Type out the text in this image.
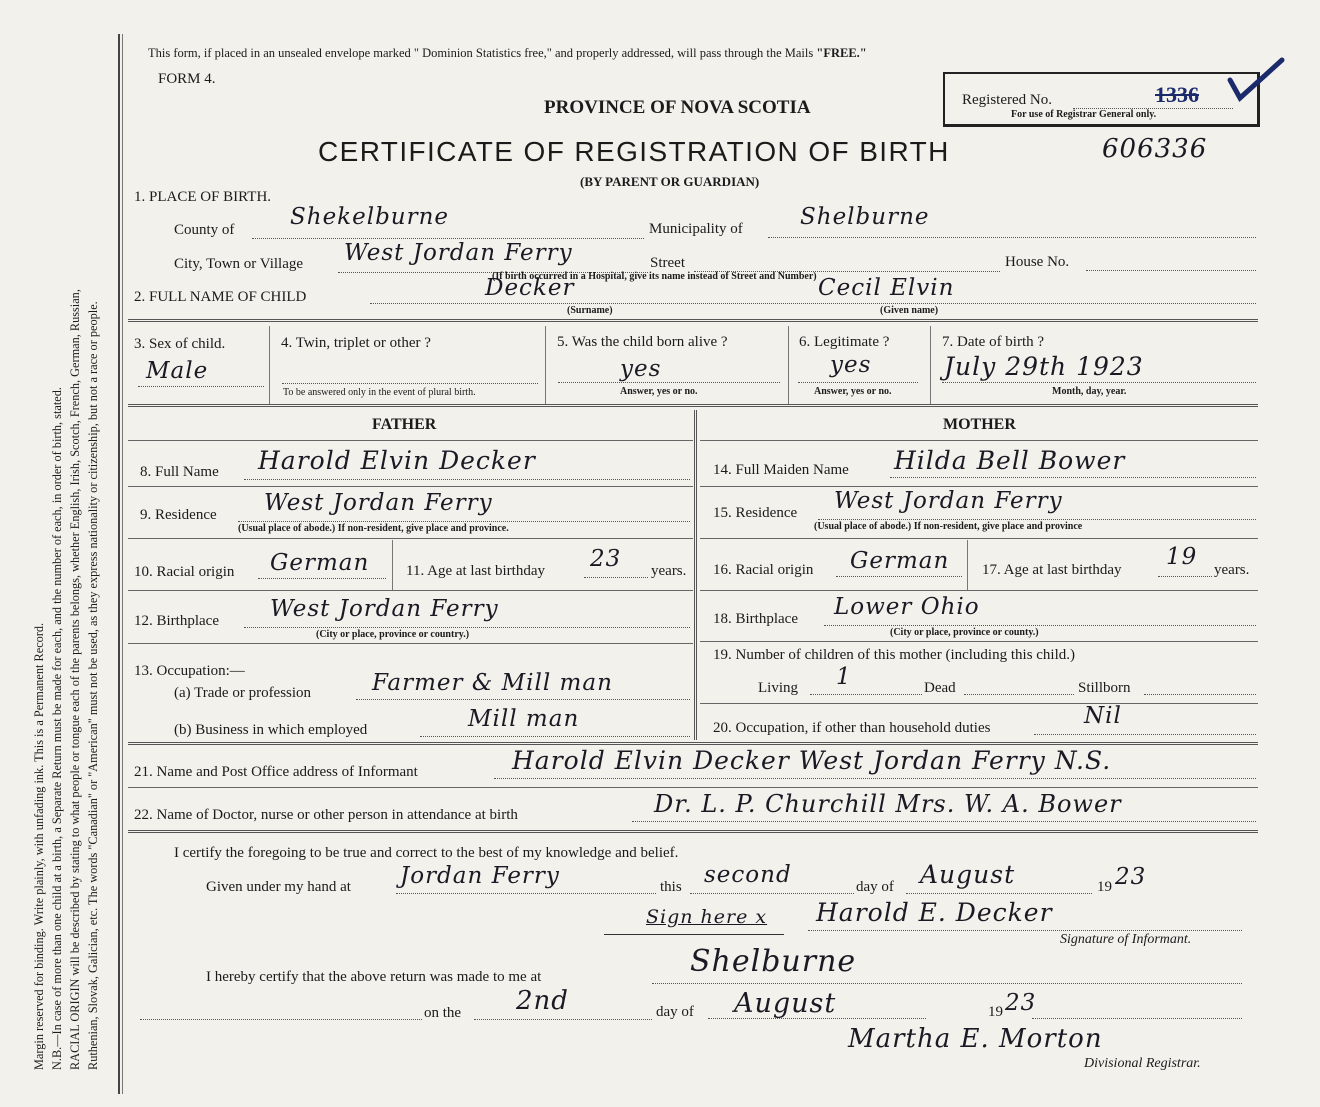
Margin reserved for binding. Write plainly, with unfading ink. This is a Permanent Record. N.B.—In case of more than one child at a birth, a Separate Return must be made for each, and the number of each, in order of birth, stated. RACIAL ORIGIN will be described by stating to what people or tongue each of the parents belongs, whether English, Irish, Scotch, French, German, Russian, Ruthenian, Slovak, Galician, etc. The words "Canadian" or "American" must not be used, as they express nationality or citizenship, but not a race or people.
This form, if placed in an unsealed envelope marked " Dominion Statistics free," and properly addressed, will pass through the Mails "FREE."
FORM 4.
PROVINCE OF NOVA SCOTIA
CERTIFICATE OF REGISTRATION OF BIRTH
(BY PARENT OR GUARDIAN)
606336
Registered No.	1336
For use of Registrar General only.
1. PLACE OF BIRTH.
County of Shekelburne	Municipality of Shelburne
City, Town or Village West Jordan Ferry	Street	House No.
(If birth occurred in a Hospital, give its name instead of Street and Number)
2. FULL NAME OF CHILD	Decker	Cecil Elvin
(Surname)	(Given name)
3. Sex of child.
Male
4. Twin, triplet or other ?
To be answered only in the event of plural birth.
5. Was the child born alive ?
yes
Answer, yes or no.
6. Legitimate ?
yes
Answer, yes or no.
7. Date of birth ?
July 29th 1923
Month, day, year.
FATHER	MOTHER
8. Full Name Harold Elvin Decker
9. Residence West Jordan Ferry
(Usual place of abode.) If non-resident, give place and province.
10. Racial origin German 11. Age at last birthday 23 years.
12. Birthplace West Jordan Ferry
(City or place, province or country.)
13. Occupation:—
(a) Trade or profession	Farmer & Mill man
(b) Business in which employed	Mill man
14. Full Maiden Name Hilda Bell Bower
15. Residence West Jordan Ferry
(Usual place of abode.) If non-resident, give place and province
16. Racial origin German 17. Age at last birthday 19 years.
18. Birthplace Lower Ohio
(City or place, province or county.)
19. Number of children of this mother (including this child.)
Living 1	Dead	Stillborn
20. Occupation, if other than household duties	Nil
21. Name and Post Office address of Informant	Harold Elvin Decker West Jordan Ferry N.S.
22. Name of Doctor, nurse or other person in attendance at birth	Dr. L. P. Churchill Mrs. W. A. Bower
I certify the foregoing to be true and correct to the best of my knowledge and belief.
Given under my hand at Jordan Ferry	this second	day of August	19 23
Sign here x Harold E. Decker
Signature of Informant.
I hereby certify that the above return was made to me at	Shelburne
on the 2nd	day of August	19 23
Martha E. Morton
Divisional Registrar.
